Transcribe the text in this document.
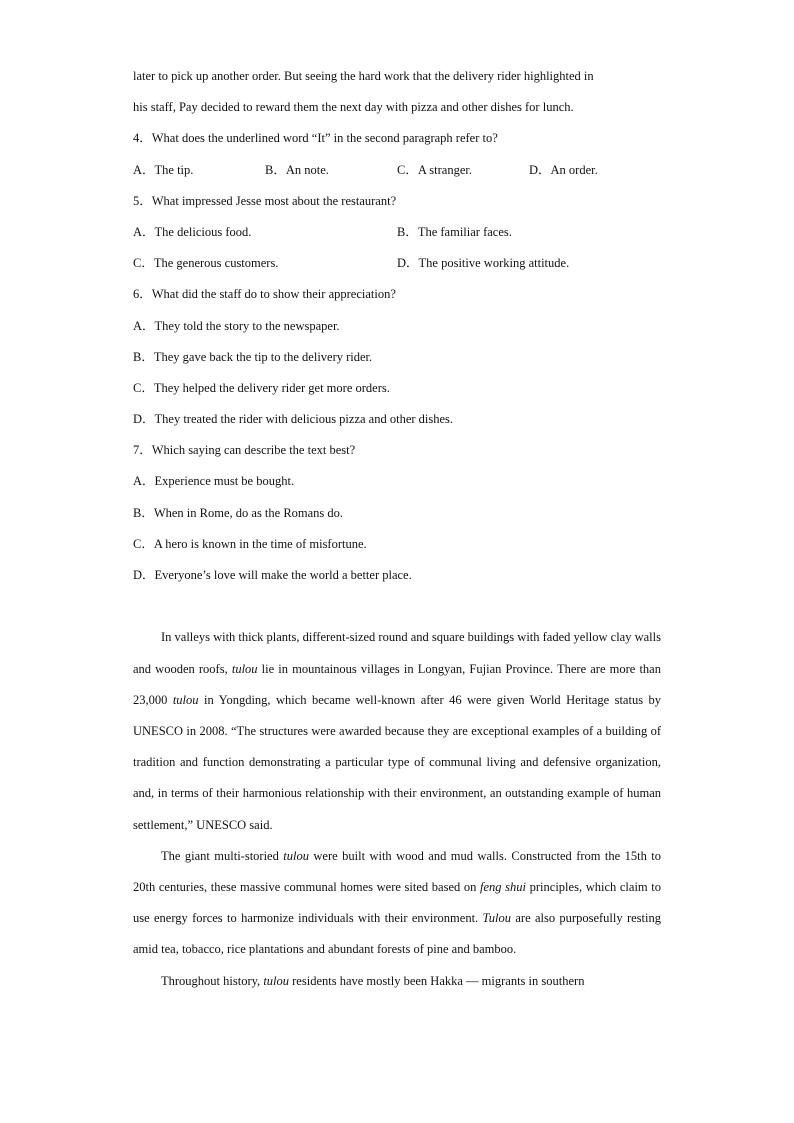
later to pick up another order. But seeing the hard work that the delivery rider highlighted in
his staff, Pay decided to reward them the next day with pizza and other dishes for lunch.
4．What does the underlined word “It” in the second paragraph refer to?
A．The tip.	B．An note.	C．A stranger.	D．An order.
5．What impressed Jesse most about the restaurant?
A．The delicious food.	B．The familiar faces.
C．The generous customers.	D．The positive working attitude.
6．What did the staff do to show their appreciation?
A．They told the story to the newspaper.
B．They gave back the tip to the delivery rider.
C．They helped the delivery rider get more orders.
D．They treated the rider with delicious pizza and other dishes.
7．Which saying can describe the text best?
A．Experience must be bought.
B．When in Rome, do as the Romans do.
C．A hero is known in the time of misfortune.
D．Everyone’s love will make the world a better place.

In valleys with thick plants, different-sized round and square buildings with faded yellow clay walls and wooden roofs, tulou lie in mountainous villages in Longyan, Fujian Province. There are more than 23,000 tulou in Yongding, which became well-known after 46 were given World Heritage status by UNESCO in 2008. “The structures were awarded because they are exceptional examples of a building of tradition and function demonstrating a particular type of communal living and defensive organization, and, in terms of their harmonious relationship with their environment, an outstanding example of human settlement,” UNESCO said.

The giant multi-storied tulou were built with wood and mud walls. Constructed from the 15th to 20th centuries, these massive communal homes were sited based on feng shui principles, which claim to use energy forces to harmonize individuals with their environment. Tulou are also purposefully resting amid tea, tobacco, rice plantations and abundant forests of pine and bamboo.

Throughout history, tulou residents have mostly been Hakka — migrants in southern
